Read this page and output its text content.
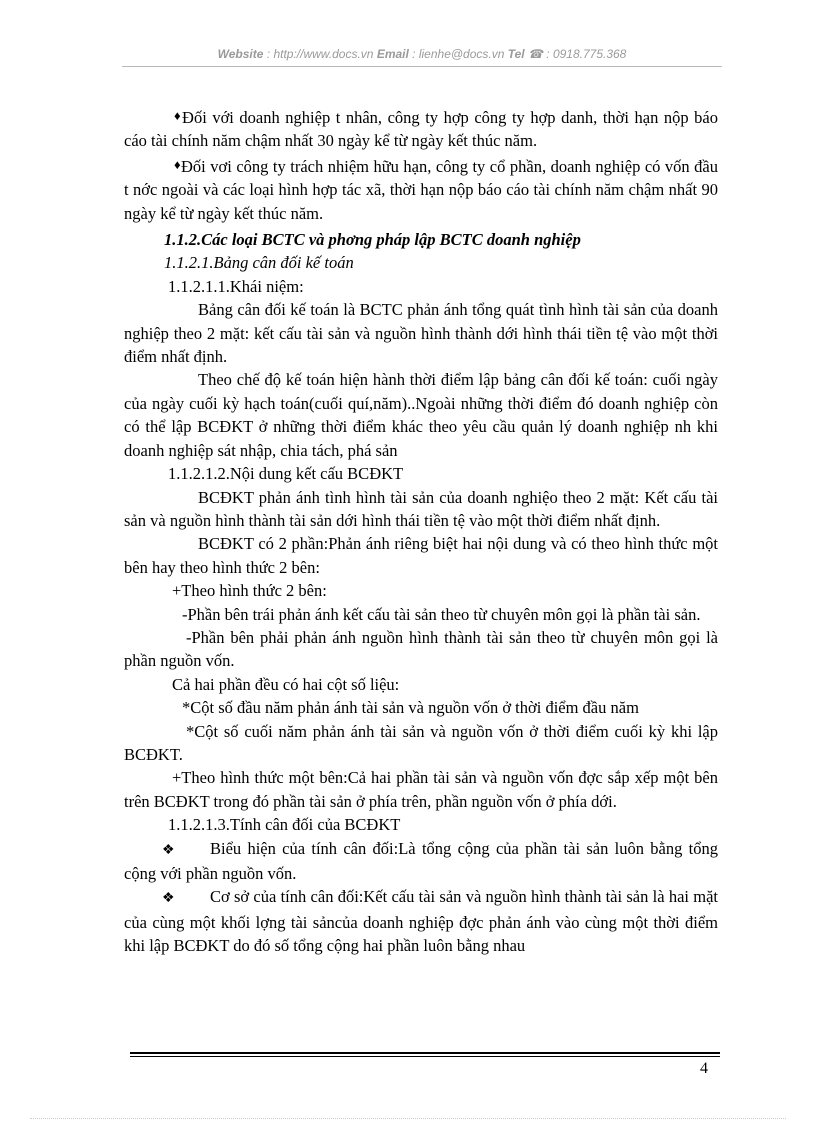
Website : http://www.docs.vn Email : lienhe@docs.vn Tel ☎ : 0918.775.368

♦Đối với doanh nghiệp t nhân, công ty hợp công ty hợp danh, thời hạn nộp báo cáo tài chính năm chậm nhất 30 ngày kể từ ngày kết thúc năm.

♦Đối vơi công ty trách nhiệm hữu hạn, công ty cổ phần, doanh nghiệp có vốn đầu t nớc ngoài và các loại hình hợp tác xã, thời hạn nộp báo cáo tài chính năm chậm nhất 90 ngày kể từ ngày kết thúc năm.

1.1.2.Các loại BCTC và phơng pháp lập BCTC doanh nghiệp

1.1.2.1.Bảng cân đối kế toán

1.1.2.1.1.Khái niệm:

Bảng cân đối kế toán là BCTC phản ánh tổng quát tình hình tài sản của doanh nghiệp theo 2 mặt: kết cấu tài sản và nguồn hình thành dới hình thái tiền tệ vào một thời điểm nhất định.

Theo chế độ kế toán hiện hành thời điểm lập bảng cân đối kế toán: cuối ngày của ngày cuối kỳ hạch toán(cuối quí,năm)..Ngoài những thời điểm đó doanh nghiệp còn có thể lập BCĐKT ở những thời điểm khác theo yêu cầu quản lý doanh nghiệp nh khi doanh nghiệp sát nhập, chia tách, phá sản

1.1.2.1.2.Nội dung kết cấu BCĐKT

BCĐKT phản ánh tình hình tài sản của doanh nghiệo theo 2 mặt: Kết cấu tài sản và nguồn hình thành tài sản dới hình thái tiền tệ vào một thời điểm nhất định.

BCĐKT có 2 phần:Phản ánh riêng biệt hai nội dung và có theo hình thức một bên hay theo hình thức 2 bên:

+Theo hình thức 2 bên:

-Phần bên trái phản ánh kết cấu tài sản theo từ chuyên môn gọi là phần tài sản.

-Phần bên phải phản ánh nguồn hình thành tài sản theo từ chuyên môn gọi là phần nguồn vốn.

Cả hai phần đều có hai cột số liệu:

*Cột số đầu năm phản ánh tài sản và nguồn vốn ở thời điểm đầu năm

*Cột số cuối năm phản ánh tài sản và nguồn vốn ở thời điểm cuối kỳ khi lập BCĐKT.

+Theo hình thức một bên:Cả hai phần tài sản và nguồn vốn đợc sắp xếp một bên trên BCĐKT trong đó phần tài sản ở phía trên, phần nguồn vốn ở phía dới.

1.1.2.1.3.Tính cân đối của BCĐKT

❖ Biểu hiện của tính cân đối:Là tổng cộng của phần tài sản luôn bằng tổng cộng với phần nguồn vốn.

❖ Cơ sở của tính cân đối:Kết cấu tài sản và nguồn hình thành tài sản là hai mặt của cùng một khối lợng tài sảncủa doanh nghiệp đợc phản ánh vào cùng một thời điểm khi lập BCĐKT do đó số tổng cộng hai phần luôn bằng nhau

4
